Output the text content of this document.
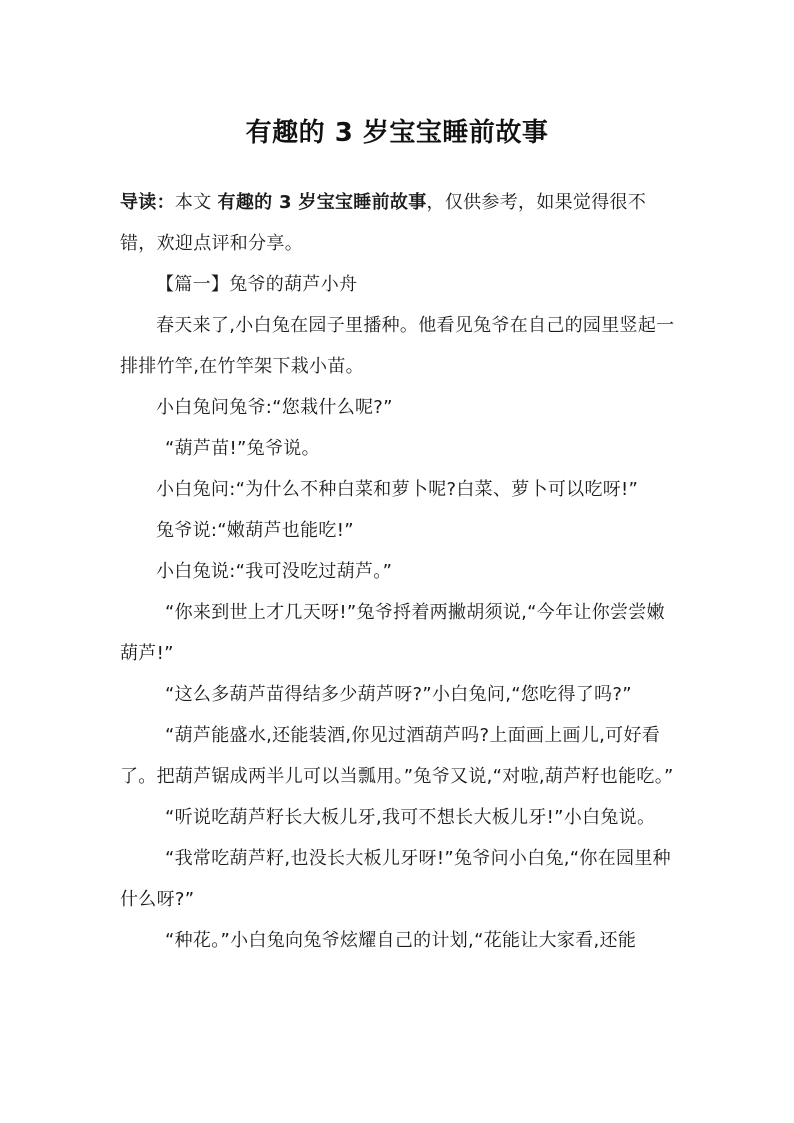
有趣的 3 岁宝宝睡前故事

导读：本文 有趣的 3 岁宝宝睡前故事，仅供参考，如果觉得很不错，欢迎点评和分享。

【篇一】兔爷的葫芦小舟

春天来了,小白兔在园子里播种。他看见兔爷在自己的园里竖起一排排竹竿,在竹竿架下栽小苗。

小白兔问兔爷:“您栽什么呢?”

“葫芦苗!”兔爷说。

小白兔问:“为什么不种白菜和萝卜呢?白菜、萝卜可以吃呀!”

兔爷说:“嫩葫芦也能吃!”

小白兔说:“我可没吃过葫芦。”

“你来到世上才几天呀!”兔爷捋着两撇胡须说,“今年让你尝尝嫩葫芦!”

“这么多葫芦苗得结多少葫芦呀?”小白兔问,“您吃得了吗?”

“葫芦能盛水,还能装酒,你见过酒葫芦吗?上面画上画儿,可好看了。把葫芦锯成两半儿可以当瓢用。”兔爷又说,“对啦,葫芦籽也能吃。”

“听说吃葫芦籽长大板儿牙,我可不想长大板儿牙!”小白兔说。

“我常吃葫芦籽,也没长大板儿牙呀!”兔爷问小白兔,“你在园里种什么呀?”

“种花。”小白兔向兔爷炫耀自己的计划,“花能让大家看,还能
